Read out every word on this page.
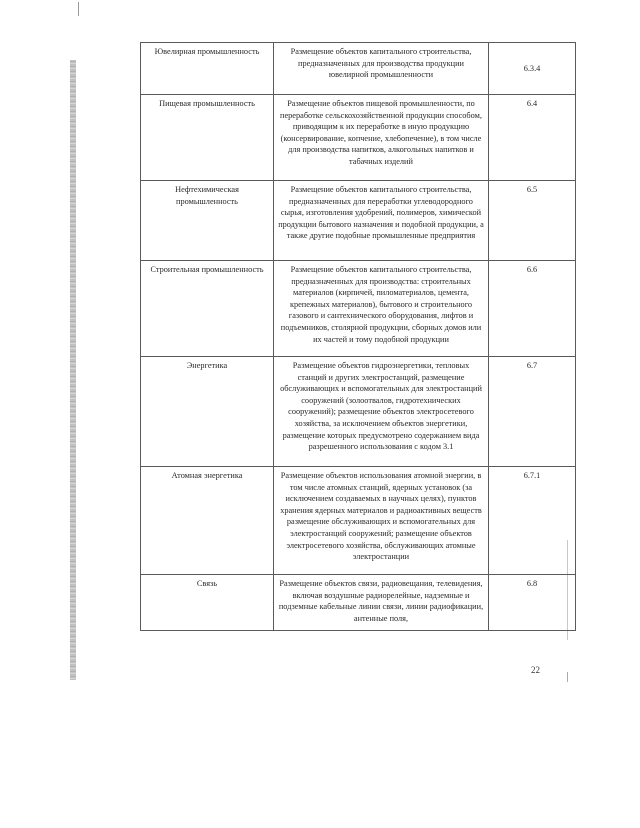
Ювелирная промышленность	Размещение объектов капитального строительства, предназначенных для производства продукции ювелирной промышленности	6.3.4
Пищевая промышленность	Размещение объектов пищевой промышленности, по переработке сельскохозяйственной продукции способом, приводящим к их переработке в иную продукцию (консервирование, копчение, хлебопечение), в том числе для производства напитков, алкогольных напитков и табачных изделий	6.4
Нефтехимическая промышленность	Размещение объектов капитального строительства, предназначенных для переработки углеводородного сырья, изготовления удобрений, полимеров, химической продукции бытового назначения и подобной продукции, а также другие подобные промышленные предприятия	6.5
Строительная промышленность	Размещение объектов капитального строительства, предназначенных для производства: строительных материалов (кирпичей, пиломатериалов, цемента, крепежных материалов), бытового и строительного газового и сантехнического оборудования, лифтов и подъемников, столярной продукции, сборных домов или их частей и тому подобной продукции	6.6
Энергетика	Размещение объектов гидроэнергетики, тепловых станций и других электростанций, размещение обслуживающих и вспомогательных для электростанций сооружений (золоотвалов, гидротехнических сооружений); размещение объектов электросетевого хозяйства, за исключением объектов энергетики, размещение которых предусмотрено содержанием вида разрешенного использования с кодом 3.1	6.7
Атомная энергетика	Размещение объектов использования атомной энергии, в том числе атомных станций, ядерных установок (за исключением создаваемых в научных целях), пунктов хранения ядерных материалов и радиоактивных веществ размещение обслуживающих и вспомогательных для электростанций сооружений; размещение объектов электросетевого хозяйства, обслуживающих атомные электростанции	6.7.1
Связь	Размещение объектов связи, радиовещания, телевидения, включая воздушные радиорелейные, надземные и подземные кабельные линии связи, линии радиофикации, антенные поля,	6.8
22
